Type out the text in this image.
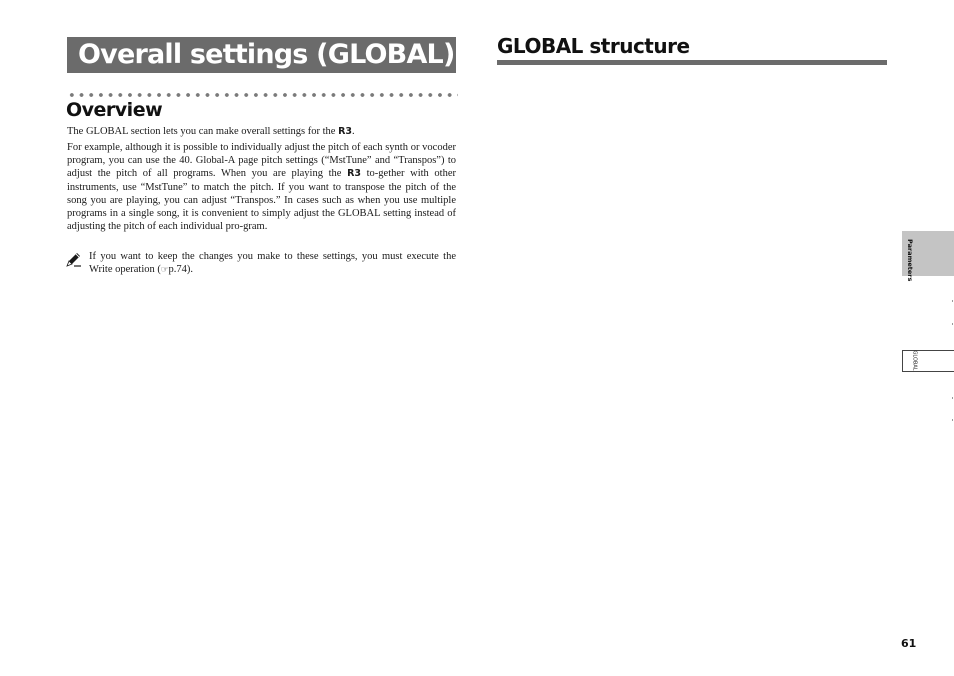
Overall settings (GLOBAL)
Overview

The GLOBAL section lets you can make overall settings for the R3.

For example, although it is possible to individually adjust the pitch of each synth or vocoder program, you can use the 40. Global-A page pitch settings (“MstTune” and “Transpos”) to adjust the pitch of all programs. When you are playing the R3 to-gether with other instruments, use “MstTune” to match the pitch. If you want to transpose the pitch of the song you are playing, you can adjust “Transpos.” In cases such as when you use multiple programs in a single song, it is convenient to simply adjust the GLOBAL setting instead of adjusting the pitch of each individual pro-gram.

If you want to keep the changes you make to these settings, you must execute the Write operation (☞p.74).

GLOBAL structure
Parameters
GLOBAL
61
